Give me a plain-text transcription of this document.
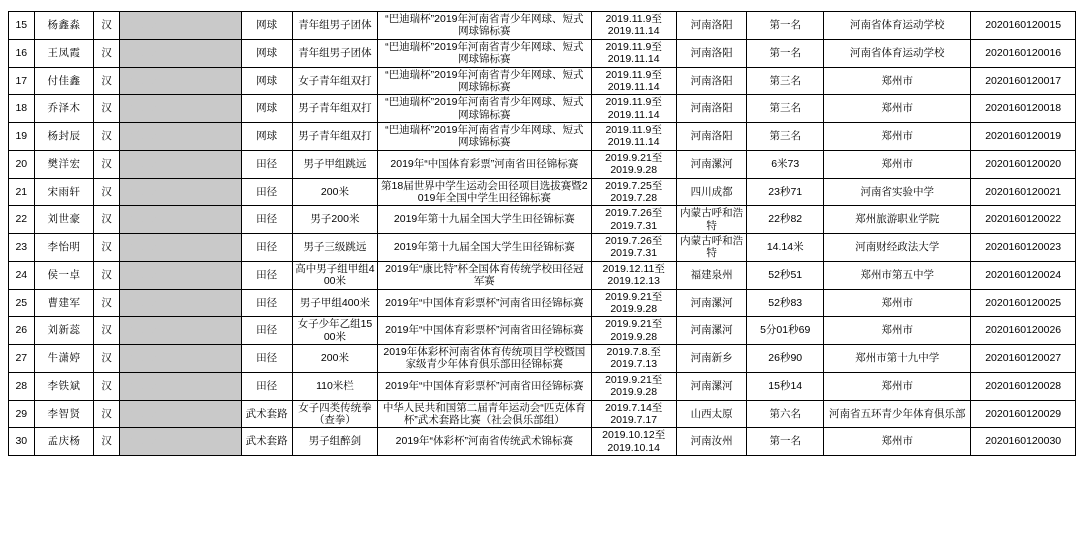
15	杨鑫淼	汉	410105XXXXXXXXXXXX	网球	青年组男子团体	“巴迪瑞杯”2019年河南省青少年网球、短式网球锦标赛	2019.11.9至
2019.11.14	河南洛阳	第一名	河南省体育运动学校	2020160120015
16	王凤霞	汉	410105XXXXXXXXXXXX	网球	青年组男子团体	“巴迪瑞杯”2019年河南省青少年网球、短式网球锦标赛	2019.11.9至
2019.11.14	河南洛阳	第一名	河南省体育运动学校	2020160120016
17	付佳鑫	汉	410105XXXXXXXXXXXX	网球	女子青年组双打	“巴迪瑞杯”2019年河南省青少年网球、短式网球锦标赛	2019.11.9至
2019.11.14	河南洛阳	第三名	郑州市	2020160120017
18	乔泽木	汉	410105XXXXXXXXXXXX	网球	男子青年组双打	“巴迪瑞杯”2019年河南省青少年网球、短式网球锦标赛	2019.11.9至
2019.11.14	河南洛阳	第三名	郑州市	2020160120018
19	杨封辰	汉	410105XXXXXXXXXXXX	网球	男子青年组双打	“巴迪瑞杯”2019年河南省青少年网球、短式网球锦标赛	2019.11.9至
2019.11.14	河南洛阳	第三名	郑州市	2020160120019
20	樊洋宏	汉	410105XXXXXXXXXXXX	田径	男子甲组跳远	2019年“中国体育彩票”河南省田径锦标赛	2019.9.21至
2019.9.28	河南漯河	6米73	郑州市	2020160120020
21	宋雨轩	汉	410105XXXXXXXXXXXX	田径	200米	第18届世界中学生运动会田径项目选拔赛暨2019年全国中学生田径锦标赛	2019.7.25至
2019.7.28	四川成都	23秒71	河南省实验中学	2020160120021
22	刘世豪	汉	410105XXXXXXXXXXXX	田径	男子200米	2019年第十九届全国大学生田径锦标赛	2019.7.26至
2019.7.31	内蒙古呼和浩特	22秒82	郑州旅游职业学院	2020160120022
23	李怡明	汉	410105XXXXXXXXXXXX	田径	男子三级跳远	2019年第十九届全国大学生田径锦标赛	2019.7.26至
2019.7.31	内蒙古呼和浩特	14.14米	河南财经政法大学	2020160120023
24	侯一卓	汉	410105XXXXXXXXXXXX	田径	高中男子组甲组400米	2019年“康比特”杯全国体育传统学校田径冠军赛	2019.12.11至
2019.12.13	福建泉州	52秒51	郑州市第五中学	2020160120024
25	曹建军	汉	410105XXXXXXXXXXXX	田径	男子甲组400米	2019年“中国体育彩票杯”河南省田径锦标赛	2019.9.21至
2019.9.28	河南漯河	52秒83	郑州市	2020160120025
26	刘新蕊	汉	410105XXXXXXXXXXXX	田径	女子少年乙组1500米	2019年“中国体育彩票杯”河南省田径锦标赛	2019.9.21至
2019.9.28	河南漯河	5分01秒69	郑州市	2020160120026
27	牛潇婷	汉	410105XXXXXXXXXXXX	田径	200米	2019年体彩杯河南省体育传统项目学校暨国家级青少年体育俱乐部田径锦标赛	2019.7.8.至
2019.7.13	河南新乡	26秒90	郑州市第十九中学	2020160120027
28	李铁斌	汉	410105XXXXXXXXXXXX	田径	110米栏	2019年“中国体育彩票杯”河南省田径锦标赛	2019.9.21至
2019.9.28	河南漯河	15秒14	郑州市	2020160120028
29	李智贤	汉	410105XXXXXXXXXXXX	武术套路	女子四类传统拳（查拳）	中华人民共和国第二届青年运动会“匹克体育杯”武术套路比赛（社会俱乐部组）	2019.7.14至
2019.7.17	山西太原	第六名	河南省五环青少年体育俱乐部	2020160120029
30	孟庆杨	汉	410105XXXXXXXXXXXX	武术套路	男子组醉剑	2019年“体彩杯”河南省传统武术锦标赛	2019.10.12至
2019.10.14	河南汝州	第一名	郑州市	2020160120030
